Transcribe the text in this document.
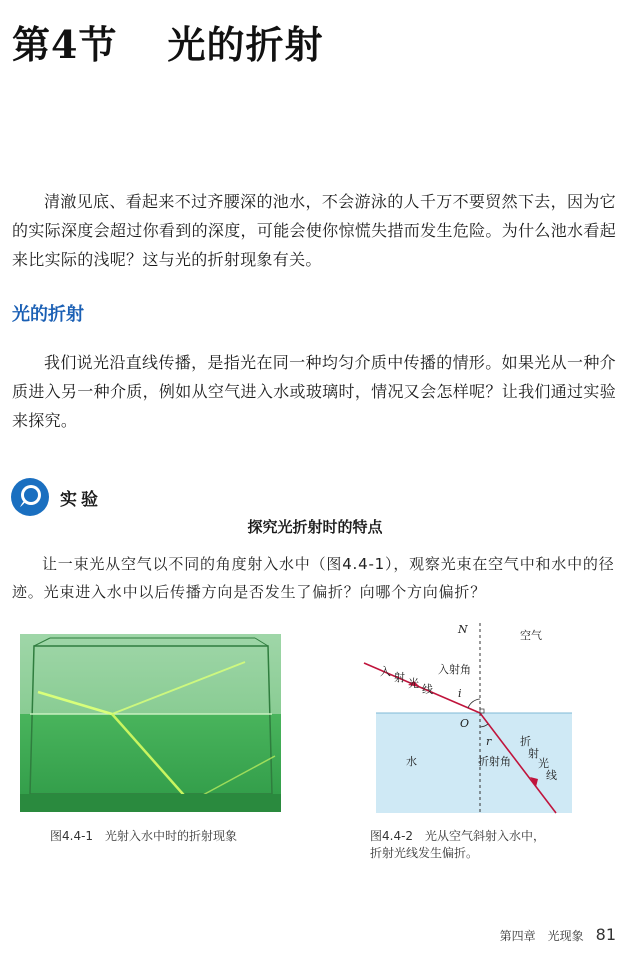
第4节 光的折射

清澈见底、看起来不过齐腰深的池水，不会游泳的人千万不要贸然下去，因为它的实际深度会超过你看到的深度，可能会使你惊慌失措而发生危险。为什么池水看起来比实际的浅呢？这与光的折射现象有关。

光的折射

我们说光沿直线传播，是指光在同一种均匀介质中传播的情形。如果光从一种介质进入另一种介质，例如从空气进入水或玻璃时，情况又会怎样呢？让我们通过实验来探究。

实验
探究光折射时的特点

让一束光从空气以不同的角度射入水中（图4.4-1），观察光束在空气中和水中的径迹。光束进入水中以后传播方向是否发生了偏折？向哪个方向偏折？

图4.4-1　光射入水中时的折射现象
N	空气
入 射 光 线
入射角
i
O
r
水	折射角
折
射
光
线
图4.4-2　光从空气斜射入水中，
折射光线发生偏折。
第四章　光现象 81
